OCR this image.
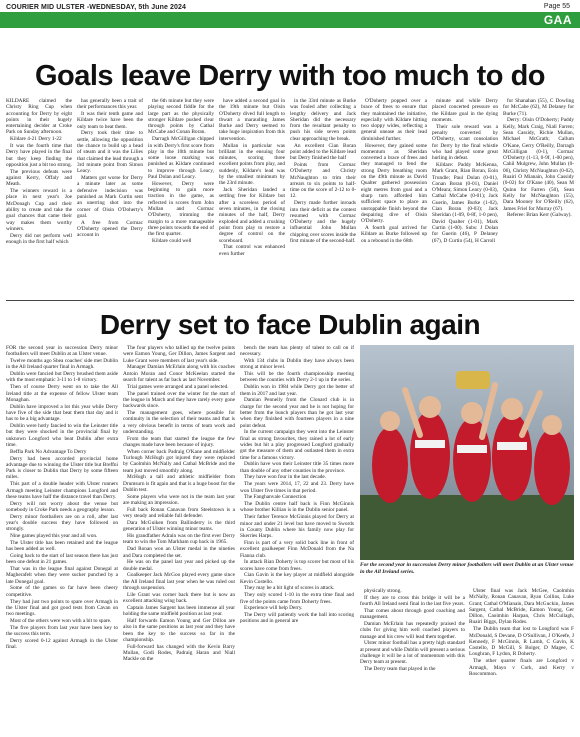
COURIER MID ULSTER -WEDNESDAY, 5th June 2024	Page 55
GAA
Goals leave Derry with too much to do

KILDARE claimed the Christy Ring Cup when accounting for Derry by eight points in their hugely entertaining decider at Croke Park on Sunday afternoon.

Kildare 4-21 Derry 1-22

It was the fourth time that Derry have played in the final but they keep finding the opposition just a bit too strong.

The previous defeats were against Kerry, Offaly and Meath.

The winners reward is a place in next year's Joe McDonagh Cup and their ability to create and take the goal chances that came their way makes them worthy winners.

Derry did not perform well enough in the first half which

has generally been a trait of their performances this year.

It was their tenth game and Kildare twice have been the only team to beat them.

Derry took their time to settle, allowing the opposition the chance to build up a head of steam and it was the Lilies that claimed the lead through a 3rd minute point from Simon Leacy.

Matters got worse for Derry a minute later as some defensive indecision was punished as Mark Curtin sent an unerring shot into the corner of Oisin O'Doherty's goal.

A free from Cormac O'Doherty opened the Derry account in

the 6th minute but they were playing second fiddle for the large part as the physically stronger Kildare pushed clear through points by Cathal McCabe and Conan Boran.

Darragh McGilligan chipped in with Derry's first score from play in the 10th minute but some loose marking was punished as Kildare continued to improve through Leacy, Paul Dolan and Leacy.

However, Derry were beginning to gain more traction in the game, as reflected in scores from John Mullan and Cormac O'Doherty, trimming the margin to a more manageable three points towards the end of the first quarter.

Kildare could well

have added a second goal in the 19th minute but Oisin O'Doherty dived full length to thwart a marauding James Burke and Derry seemed to take huge inspiration from this intervention.

Mullan in particular was brilliant in the ensuing four minutes, scoring three excellent points from play, and suddenly, Kildare's lead was by the smallest minimum by the 23rd minute.

Jack Sheridan landed a settling free for Kildare but after a scoreless period of seven minutes, in the closing minutes of the half, Derry exploded and added a crushing point from play to restore a degree of control on the scoreboard.

That control was enhanced even further

in the 33rd minute as Burke was fouled after collecting a lengthy delivery and Jack Sheridan did the necessary from the resultant penalty to push his side seven points clear approaching the break.

An excellent Cian Boran point added to the Kildare lead but Derry finished the half

Points from Cormac O'Doherty and Christy McNaughton to trim their arrears to six points to half-time on the score of 2-12 to 0-12.

Derry made further inroads into their deficit as the contest resumed with Cormac O'Doherty and the hugely influential John Mullan chipping over scores inside the first minute of the second-half.

O'Doherty popped over a brace of frees to ensure that they maintained the initiative, especially with Kildare hitting two sloppy wides, reflecting a general unease as their lead diminished further.

However, they gained some momentum as Sheridan converted a brace of frees and they managed to fend the strong Derry breathing room on the 49th minute as David Qualter gathered possession eight metres from goal and a sharp turn afforded him sufficient space to place an unstoppable finish beyond the despairing dive of Oisin O'Doherty.

A fourth goal arrived for Kildare as Burke followed up on a rebound in the 68th

minute and while Derry placed concerted pressure on the Kildare goal in the dying moments.

Their sole reward was a penalty converted by O'Doherty, scant consolation for Derry by the final whistle who had played some great hurling in defeat.

Kildare: Paddy McKenna, Mark Grant, Rian Boran, Eoin Trundle; Paul Dolan (0-01), Conan Boran (0-01), Daniel O'Meara; Simon Leacy (0-03), Cathal McCabe (0-01); Jack Guerin, James Burke (1-02), Cian Boran (0-03); Jack Sheridan (1-09, 0-8f, 1-0 pen), David Qualter (1-01), Mark Curtin (1-00). Subs: J Dolan for Guerin (46), P Delaney (67), D Curtin (54), H Carroll

for Shanahan (55), C Dowling for McCabe (62), M Delaney for Burke (71).

Derry: Oisin O'Doherty; Paddy Kelly, Mark Craig, Niall Farren; Sean Cassidy, Richie Mullan, Michael McGrath; Callum O'Kane, Gerry O'Reilly, Darragh McGilligan (0-1), Cormac O'Doherty (1-13, 0-9f, 1-00 pen), Cahil Mulgrew, John Mullan (0-06), Christy McNaughton (0-02), Ruairi O Mianain, John Cassidy (0-02) for O'Kane (40), Sean M Quinn for Farren (50), Sean Kelly for McNaughton (55), Dara Mooney for O'Reilly (62), James Friel for Murray (67).

Referee: Brian Kerr (Galway).

Derry set to face Dublin again

FOR the second year in succession Derry minor footballers will meet Dublin at an Ulster venue.

Twelve months ago Shea coaches' side met Dublin in the All Ireland quarter final in Armagh.

Dublin were fancied but Derry brushed them aside with the most emphatic 3-11 to 1-8 victory.

Then of course Derry went on to take the All Ireland title at the expense of fellow Ulster team Monaghan.

Dublin have improved a lot this year while Derry have five of the side that beat them that day and it has to be a big advantage.

Dublin were hotly fancied to win the Leinster title but they were shocked in the provincial final by unknown Longford who beat Dublin after extra time.

Beffla Park No Advantage To Derry

Derry had been accorded provincial home advantage due to winning the Ulster title but Breffni Park is closer to Dublin that Derry by some fifteen miles.

This part of a double header with Ulster runners Armagh meeting Leinster champions Longford and these teams have half the distance travel than Derry.

Derry will not worry about the venue but somebody in Croke Park needs a geography lesson.

Derry minor footballers are on a roll, after last year's double success they have followed on strongly.

Nine games played this year and all won.

The Ulster title has been retained and the league has been added as well.

Going back to the start of last season there has just been one defeat in 21 games.

That was in the league final against Donegal at Magherafelt when they were sucker punched by a late Donegal goal.

Some of the games so far have been cheery competitive.

They had just two points to spare over Armagh in the Ulster final and got good tests from Cavan on two meetings.

Most of the others were won with a bit to spare.

The five players from last year have been key to the success this term.

Derry scored 0-12 against Armagh in the Ulster final.

The four players who tallied up the twelve points were Eamon Young, Ger Dillon, James Sargent and Luke Grant were members of last year's side.

Manager Damian McErlain along with his coaches Antoin Moran and Conor McKeelan started the search for talent as far back as last November.

Trial games were arranged and a panel selected.

The panel trained over the winter for the start of the league in March and they have rarely every gone backwards since.

The management goes, where possible for continuity in the selection of their teams and that is a very obvious benefit in terms of team work and understanding.

From the team that started the league the few changes made have been because of injury.

When corner back Padraig O'Kane and midfielder Turlough McHugh got injured they were replaced by Caolmhin McNally and Cathal McBride and the team just moved smoothly along.

McHugh a tall and athletic midfielder from Drumsurn is fit again and that is a huge boost for the Dublin test.

Some players who were not in the team last year are making an impression.

Full back Ronan Canavan from Steelstown is a very steady and reliable full defender.

Dara McGuiken from Ballinderry is the third generation of Ulster winning minor teams.

His grandfather Adrain was on the first ever Derry team to win the Tom Markham cup back in 1965.

Dad Ronan won an Ulster medal in the nineties and Dara completed the set.

He was on the panel last year and picked up the double medal.

Goalkeeper Jack McGoo played every game since the All Ireland final last year when he was ruled out through suspension.

Lile Grant was corner back there but is now an excellent attacking wing back.

Captain James Sargent has been immense all year holding the same midfield position as last year.

Half forwards Eamon Young and Ger Dillon are also in the same positions as last year and they have been the key to the success so far in the championship.

Full-forward has changed with the Kevin Barry Mullan, Godi Rodes, Padraig Haran and Niall Mackle on the

bench the team has plenty of talent to call on if necessary.

With 134 clubs in Dublin they have always been strong at minor level.

This will be the fourth championship meeting between the counties with Derry 2-1 up in the series.

Dublin won in 1984 while Derry got the better of them in 2017 and last year.

Damian Pennelly from the Clonard club is in charge for the second year and he is not hoping for better from the bunch players than he got last year when they finished with fourteen players in a nine point defeat.

In the current campaign they went into the Leinster final as strong favourites, they rained a lot of early wides but hit a play progressed Longford gradually got the measure of them and outlasted them in extra time for a famous victory.

Dublin have won their Leinster title 35 times more than double of any other counties in the province.

They have won four in the last decade.

The years were 2014, 17, 22 and 23. Derry have won Ulster five times in that period.

The Fanghanvale Connection

The Dublin centre half back is Finn McGinnis whose brother Killian is in the Dublin senior panel.

Their father Terence McGinnis played for Derry at minor and under 21 level but have moved to Swords in County Dublin where his family now play for Skerries Harps.

Finn is part of a very solid back line in front of excellent goalkeeper Finn McDonald from the Na Fianna club.

In attack Rian Doherty is top scorer but most of his scores have come from frees.

Cian Gavin is the key player at midfield alongside Kevin Costello.

They may be a bit light of scores in attack.

They only scored 1-10 in the extra time final and five of the points came from Doherty frees.

Experience will help Derry.

The Derry will patiently work the ball into scoring positions and in general are

physically strong.

If they are to cross this bridge it will be a fourth All Ireland semi final in the last five years.

That comes about through good coaching and management.

Damian McErlain has repeatedly praised the clubs for giving him well coached players to manage and his crew will lead them together.

Ulster minor football has a pretty high standard at present and while Dublin will present a serious challenge it will be a lot of momentum with this Derry team at present.

The Derry team that played in the

Ulster final was Jack McGee, Caolmhin McNally, Ronan Canavan, Ryan Collins, Luke Grant; Cathal O'Mianain, Dara McGuckin, James Sargent, Cathal McBride, Eamon Young, Ger Dillon, Caoimhin Harpan, Chris McCullagh, Ruairi Biggs, Dylan Rodes.

The Dublin team that lost to Longford was F McDonald, S Devane, D O'Sullivan, J O'Keefe, J Kennedy, F McGinnis, R Lamb, C Gavin, K Costello, D McGill, S Bolger, D Magee, C Loughran, F Lydon, R Doherty.

The other quarter finals are Longford v Armagh, Mayo v Cork, and Kerry v Roscommon.

For the second year in succession Derry minor footballers will meet Dublin at an Ulster venue in the All Ireland series.
